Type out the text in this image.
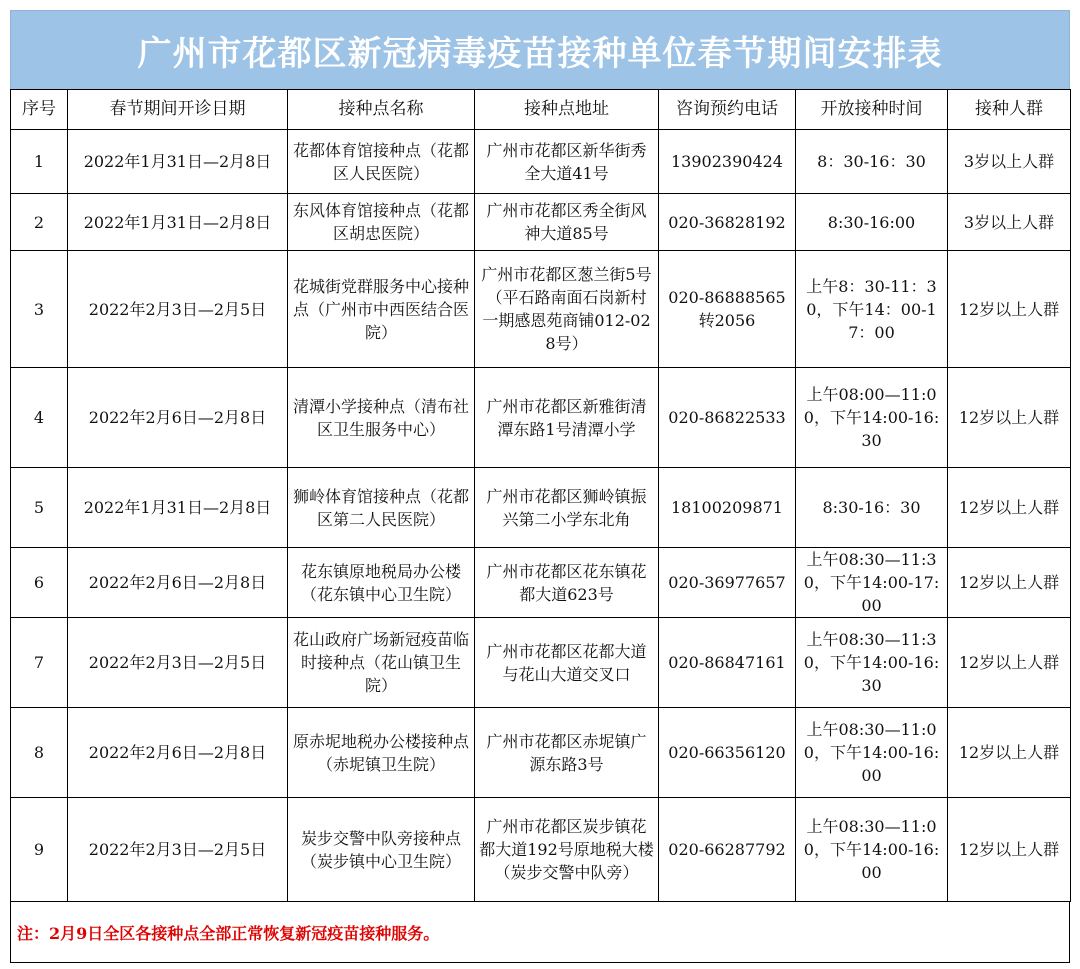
广州市花都区新冠病毒疫苗接种单位春节期间安排表
序号	春节期间开诊日期	接种点名称	接种点地址	咨询预约电话	开放接种时间	接种人群
1	2022年1月31日—2月8日	花都体育馆接种点（花都区人民医院）	广州市花都区新华街秀全大道41号	13902390424	8：30-16：30	3岁以上人群
2	2022年1月31日—2月8日	东风体育馆接种点（花都区胡忠医院）	广州市花都区秀全街风神大道85号	020-36828192	8:30-16:00	3岁以上人群
3	2022年2月3日—2月5日	花城街党群服务中心接种点（广州市中西医结合医院）	广州市花都区葱兰街5号（平石路南面石岗新村一期感恩苑商铺012-028号）	020-86888565转2056	上午8：30-11：30，下午14：00-17：00	12岁以上人群
4	2022年2月6日—2月8日	清潭小学接种点（清布社区卫生服务中心）	广州市花都区新雅街清潭东路1号清潭小学	020-86822533	上午08:00—11:00，下午14:00-16:30	12岁以上人群
5	2022年1月31日—2月8日	狮岭体育馆接种点（花都区第二人民医院）	广州市花都区狮岭镇振兴第二小学东北角	18100209871	8:30-16：30	12岁以上人群
6	2022年2月6日—2月8日	花东镇原地税局办公楼（花东镇中心卫生院）	广州市花都区花东镇花都大道623号	020-36977657	上午08:30—11:30，下午14:00-17:00	12岁以上人群
7	2022年2月3日—2月5日	花山政府广场新冠疫苗临时接种点（花山镇卫生院）	广州市花都区花都大道与花山大道交叉口	020-86847161	上午08:30—11:30，下午14:00-16:30	12岁以上人群
8	2022年2月6日—2月8日	原赤坭地税办公楼接种点（赤坭镇卫生院）	广州市花都区赤坭镇广源东路3号	020-66356120	上午08:30—11:00，下午14:00-16:00	12岁以上人群
9	2022年2月3日—2月5日	炭步交警中队旁接种点（炭步镇中心卫生院）	广州市花都区炭步镇花都大道192号原地税大楼（炭步交警中队旁）	020-66287792	上午08:30—11:00，下午14:00-16:00	12岁以上人群
注：2月9日全区各接种点全部正常恢复新冠疫苗接种服务。
